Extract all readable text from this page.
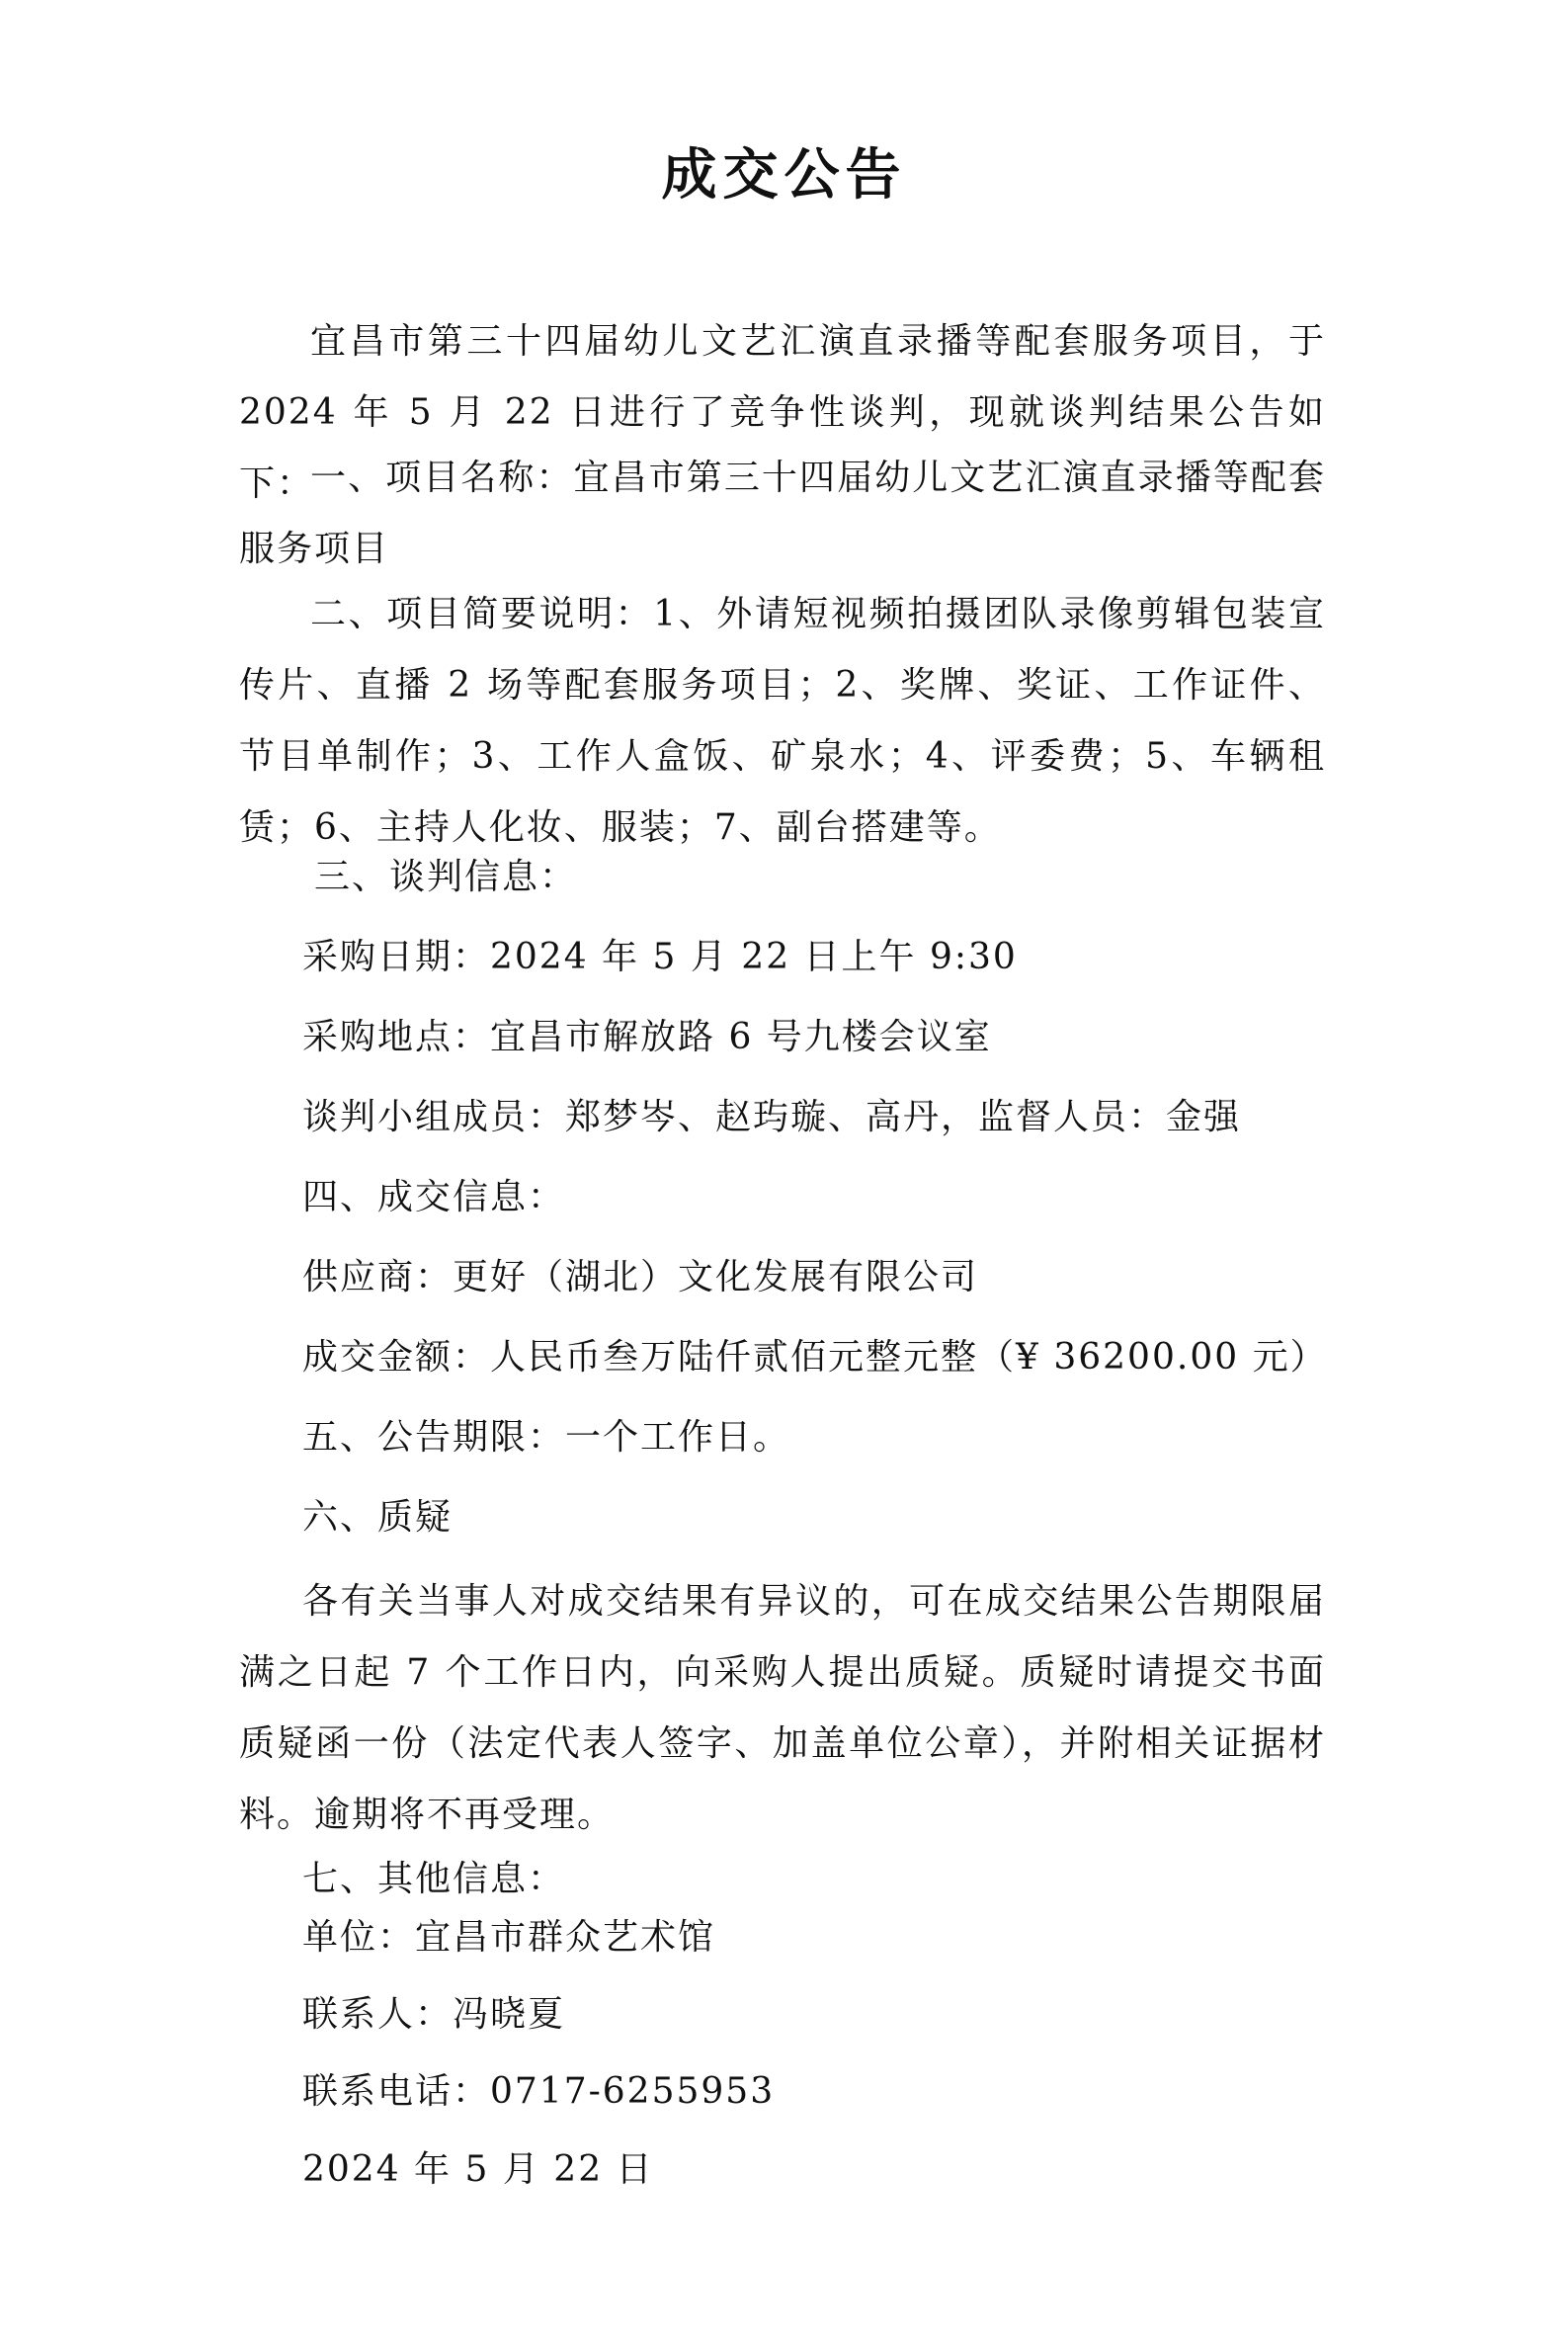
成交公告

宜昌市第三十四届幼儿文艺汇演直录播等配套服务项目，于 2024 年 5 月 22 日进行了竞争性谈判，现就谈判结果公告如下：

一、项目名称：宜昌市第三十四届幼儿文艺汇演直录播等配套服务项目

二、项目简要说明：1、外请短视频拍摄团队录像剪辑包装宣传片、直播 2 场等配套服务项目；2、奖牌、奖证、工作证件、节目单制作；3、工作人盒饭、矿泉水；4、评委费；5、车辆租赁；6、主持人化妆、服装；7、副台搭建等。

三、谈判信息：

采购日期：2024 年 5 月 22 日上午 9:30

采购地点：宜昌市解放路 6 号九楼会议室

谈判小组成员：郑梦岑、赵玙璇、高丹，监督人员：金强

四、成交信息：

供应商：更好（湖北）文化发展有限公司

成交金额：人民币叁万陆仟贰佰元整元整（¥ 36200.00 元）

五、公告期限：一个工作日。

六、质疑

各有关当事人对成交结果有异议的，可在成交结果公告期限届满之日起 7 个工作日内，向采购人提出质疑。质疑时请提交书面质疑函一份（法定代表人签字、加盖单位公章），并附相关证据材料。逾期将不再受理。

七、其他信息：

单位：宜昌市群众艺术馆

联系人：冯晓夏

联系电话：0717-6255953

2024 年 5 月 22 日
